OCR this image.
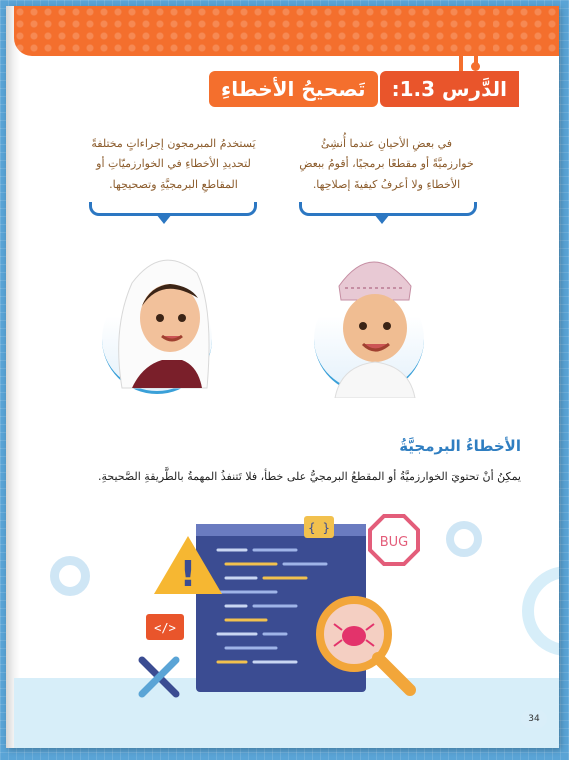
الدَّرس 1.3:
تَصحيحُ الأخطاءِ
في بعضِ الأحيانِ عندما أُنشِئُ
خوارزميَّةً أو مقطعًا برمجيًا، أقومُ ببعضِ
الأخطاءِ ولا أعرفُ كيفيةَ إصلاحِها.
يَستخدمُ المبرمجون إجراءاتٍ مختلفةً
لتحديدِ الأخطاءِ في الخوارزميّاتِ أو
المقاطعِ البرمجيَّةِ وتصحيحِها.
الأخطاءُ البرمجيَّةُ
يمكِنُ أنْ تحتويَ الخوارزميَّةُ أو المقطعُ البرمجيُّ على خطأ، فلا تَتنفذُ المهمةُ بالطَّريقةِ الصَّحيحةِ.
{ }
!
</>
BUG
34
